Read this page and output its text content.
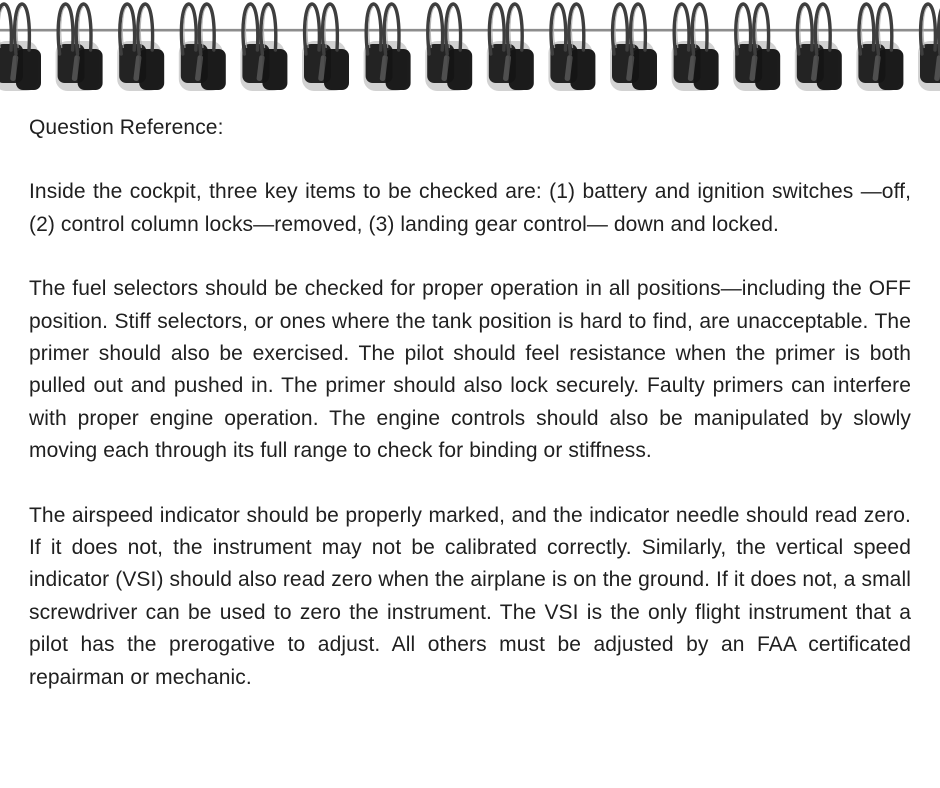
Question Reference:

Inside the cockpit, three key items to be checked are: (1) battery and ignition switches —off, (2) control column locks—removed, (3) landing gear control— down and locked.

The fuel selectors should be checked for proper operation in all positions—including the OFF position. Stiff selectors, or ones where the tank position is hard to find, are unacceptable. The primer should also be exercised. The pilot should feel resistance when the primer is both pulled out and pushed in. The primer should also lock securely. Faulty primers can interfere with proper engine operation. The engine controls should also be manipulated by slowly moving each through its full range to check for binding or stiffness.

The airspeed indicator should be properly marked, and the indicator needle should read zero. If it does not, the instrument may not be calibrated correctly. Similarly, the vertical speed indicator (VSI) should also read zero when the airplane is on the ground. If it does not, a small screwdriver can be used to zero the instrument. The VSI is the only flight instrument that a pilot has the prerogative to adjust. All others must be adjusted by an FAA certificated repairman or mechanic.
